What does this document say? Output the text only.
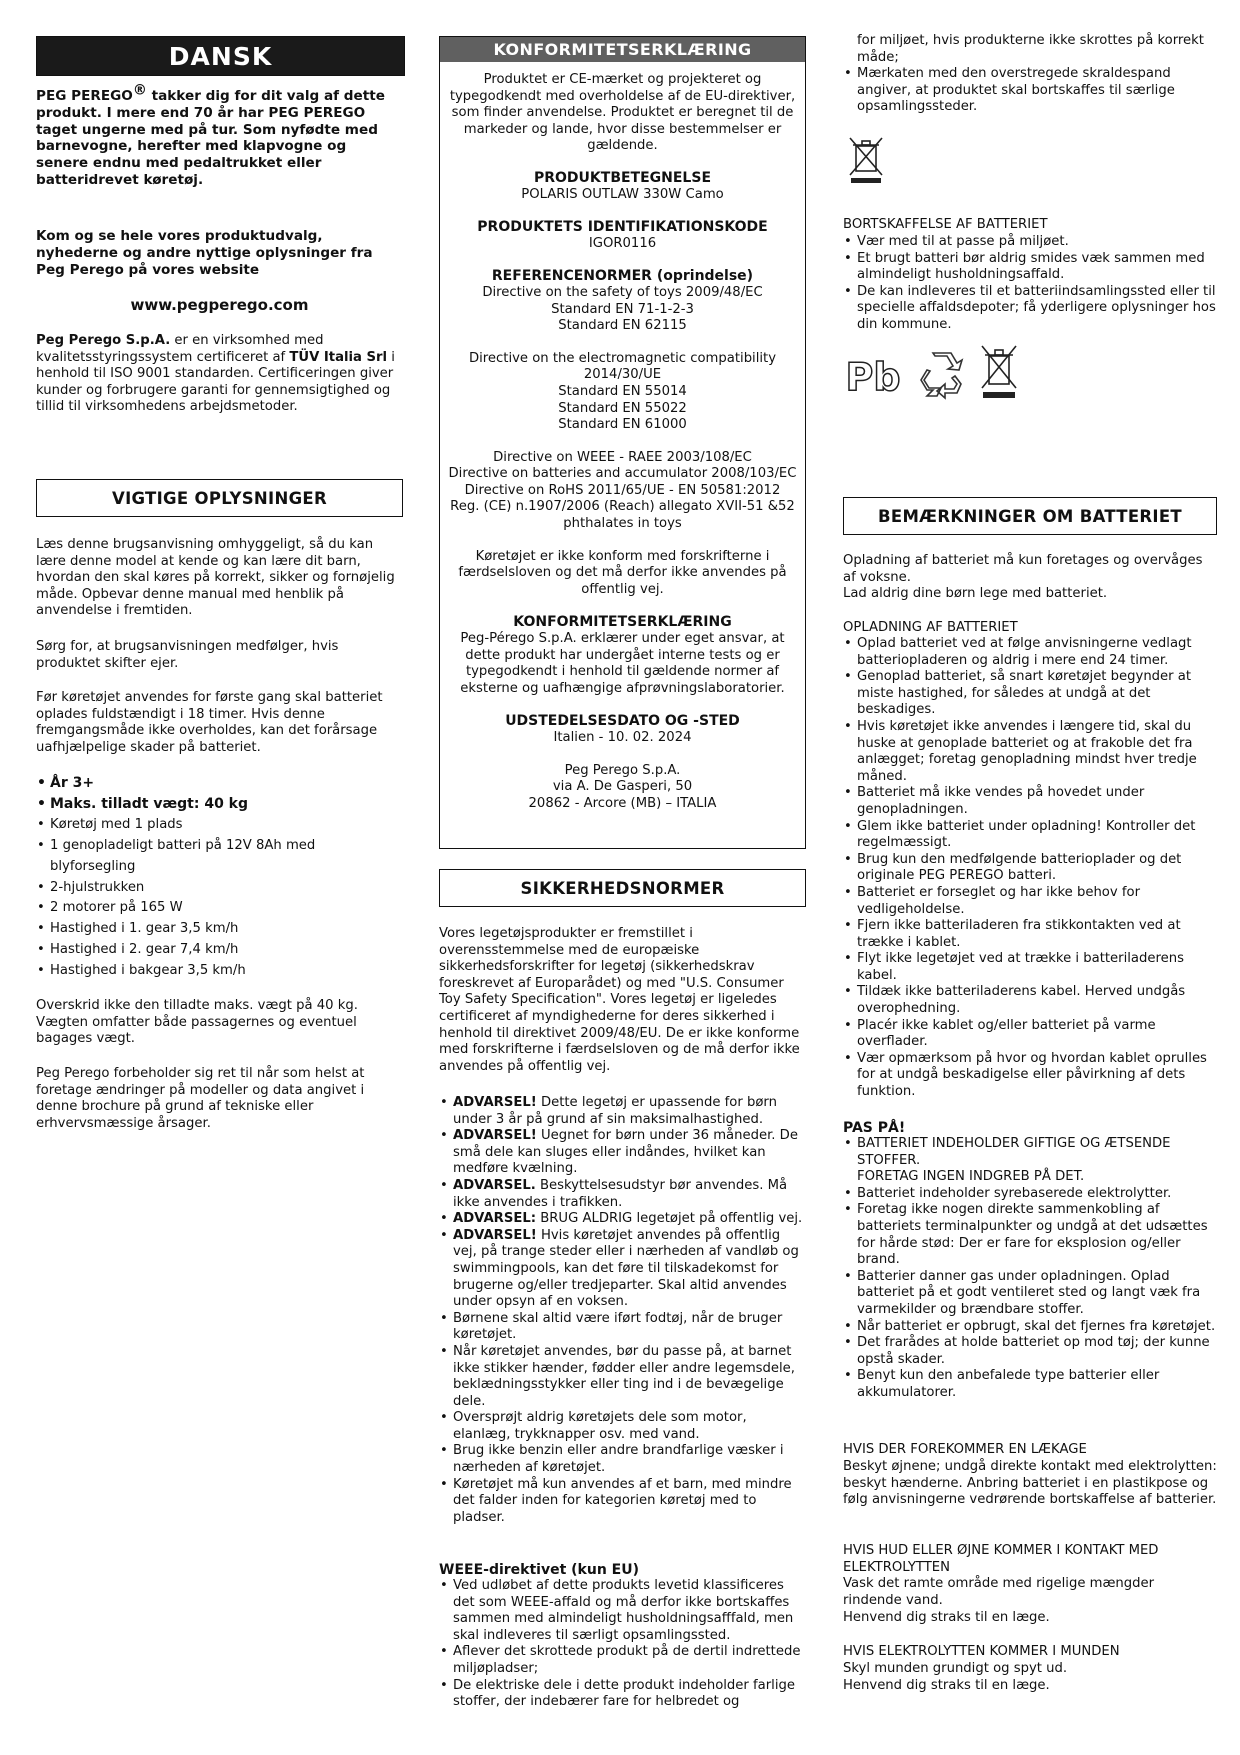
DANSK

PEG PEREGO® takker dig for dit valg af dette produkt. I mere end 70 år har PEG PEREGO taget ungerne med på tur. Som nyfødte med barnevogne, herefter med klapvogne og senere endnu med pedaltrukket eller batteridrevet køretøj.

Kom og se hele vores produktudvalg, nyhederne og andre nyttige oplysninger fra Peg Perego på vores website

www.pegperego.com

Peg Perego S.p.A. er en virksomhed med kvalitetsstyringssystem certificeret af TÜV Italia Srl i henhold til ISO 9001 standarden. Certificeringen giver kunder og forbrugere garanti for gennemsigtighed og tillid til virksomhedens arbejdsmetoder.

VIGTIGE OPLYSNINGER

Læs denne brugsanvisning omhyggeligt, så du kan lære denne model at kende og kan lære dit barn, hvordan den skal køres på korrekt, sikker og fornøjelig måde. Opbevar denne manual med henblik på anvendelse i fremtiden.

Sørg for, at brugsanvisningen medfølger, hvis produktet skifter ejer.

Før køretøjet anvendes for første gang skal batteriet oplades fuldstændigt i 18 timer. Hvis denne fremgangsmåde ikke overholdes, kan det forårsage uafhjælpelige skader på batteriet.

• År 3+
• Maks. tilladt vægt: 40 kg
• Køretøj med 1 plads
• 1 genopladeligt batteri på 12V 8Ah med blyforsegling
• 2-hjulstrukken
• 2 motorer på 165 W
• Hastighed i 1. gear 3,5 km/h
• Hastighed i 2. gear 7,4 km/h
• Hastighed i bakgear 3,5 km/h

Overskrid ikke den tilladte maks. vægt på 40 kg. Vægten omfatter både passagernes og eventuel bagages vægt.

Peg Perego forbeholder sig ret til når som helst at foretage ændringer på modeller og data angivet i denne brochure på grund af tekniske eller erhvervsmæssige årsager.

KONFORMITETSERKLÆRING

Produktet er CE-mærket og projekteret og typegodkendt med overholdelse af de EU-direktiver, som finder anvendelse. Produktet er beregnet til de markeder og lande, hvor disse bestemmelser er gældende.

PRODUKTBETEGNELSE

POLARIS OUTLAW 330W Camo

PRODUKTETS IDENTIFIKATIONSKODE

IGOR0116

REFERENCENORMER (oprindelse)

Directive on the safety of toys 2009/48/EC

Standard EN 71-1-2-3

Standard EN 62115

Directive on the electromagnetic compatibility

2014/30/UE

Standard EN 55014

Standard EN 55022

Standard EN 61000

Directive on WEEE - RAEE 2003/108/EC

Directive on batteries and accumulator 2008/103/EC

Directive on RoHS 2011/65/UE - EN 50581:2012

Reg. (CE) n.1907/2006 (Reach) allegato XVII-51 &52

phthalates in toys

Køretøjet er ikke konform med forskrifterne i færdselsloven og det må derfor ikke anvendes på offentlig vej.

KONFORMITETSERKLÆRING

Peg-Pérego S.p.A. erklærer under eget ansvar, at dette produkt har undergået interne tests og er typegodkendt i henhold til gældende normer af eksterne og uafhængige afprøvningslaboratorier.

UDSTEDELSESDATO OG -STED

Italien - 10. 02. 2024

Peg Perego S.p.A.

via A. De Gasperi, 50

20862 - Arcore (MB) – ITALIA

SIKKERHEDSNORMER

Vores legetøjsprodukter er fremstillet i overensstemmelse med de europæiske sikkerhedsforskrifter for legetøj (sikkerhedskrav foreskrevet af Europarådet) og med "U.S. Consumer Toy Safety Specification". Vores legetøj er ligeledes certificeret af myndighederne for deres sikkerhed i henhold til direktivet 2009/48/EU. De er ikke konforme med forskrifterne i færdselsloven og de må derfor ikke anvendes på offentlig vej.

• ADVARSEL! Dette legetøj er upassende for børn under 3 år på grund af sin maksimalhastighed.
• ADVARSEL! Uegnet for børn under 36 måneder. De små dele kan sluges eller indåndes, hvilket kan medføre kvælning.
• ADVARSEL. Beskyttelsesudstyr bør anvendes. Må ikke anvendes i trafikken.
• ADVARSEL: BRUG ALDRIG legetøjet på offentlig vej.
• ADVARSEL! Hvis køretøjet anvendes på offentlig vej, på trange steder eller i nærheden af vandløb og swimmingpools, kan det føre til tilskadekomst for brugerne og/eller tredjeparter. Skal altid anvendes under opsyn af en voksen.
• Børnene skal altid være iført fodtøj, når de bruger køretøjet.
• Når køretøjet anvendes, bør du passe på, at barnet ikke stikker hænder, fødder eller andre legemsdele, beklædningsstykker eller ting ind i de bevægelige dele.
• Oversprøjt aldrig køretøjets dele som motor, elanlæg, trykknapper osv. med vand.
• Brug ikke benzin eller andre brandfarlige væsker i nærheden af køretøjet.
• Køretøjet må kun anvendes af et barn, med mindre det falder inden for kategorien køretøj med to pladser.

WEEE-direktivet (kun EU)

• Ved udløbet af dette produkts levetid klassificeres det som WEEE-affald og må derfor ikke bortskaffes sammen med almindeligt husholdningsafffald, men skal indleveres til særligt opsamlingssted.
• Aflever det skrottede produkt på de dertil indrettede miljøpladser;
• De elektriske dele i dette produkt indeholder farlige stoffer, der indebærer fare for helbredet og

for miljøet, hvis produkterne ikke skrottes på korrekt måde;

• Mærkaten med den overstregede skraldespand angiver, at produktet skal bortskaffes til særlige opsamlingssteder.

BORTSKAFFELSE AF BATTERIET

• Vær med til at passe på miljøet.
• Et brugt batteri bør aldrig smides væk sammen med almindeligt husholdningsaffald.
• De kan indleveres til et batteriindsamlingssted eller til specielle affaldsdepoter; få yderligere oplysninger hos din kommune.
Pb
BEMÆRKNINGER OM BATTERIET

Opladning af batteriet må kun foretages og overvåges af voksne.

Lad aldrig dine børn lege med batteriet.

OPLADNING AF BATTERIET

• Oplad batteriet ved at følge anvisningerne vedlagt batteriopladeren og aldrig i mere end 24 timer.
• Genoplad batteriet, så snart køretøjet begynder at miste hastighed, for således at undgå at det beskadiges.
• Hvis køretøjet ikke anvendes i længere tid, skal du huske at genoplade batteriet og at frakoble det fra anlægget; foretag genopladning mindst hver tredje måned.
• Batteriet må ikke vendes på hovedet under genopladningen.
• Glem ikke batteriet under opladning! Kontroller det regelmæssigt.
• Brug kun den medfølgende batterioplader og det originale PEG PEREGO batteri.
• Batteriet er forseglet og har ikke behov for vedligeholdelse.
• Fjern ikke batteriladeren fra stikkontakten ved at trække i kablet.
• Flyt ikke legetøjet ved at trække i batteriladerens kabel.
• Tildæk ikke batteriladerens kabel. Herved undgås overophedning.
• Placér ikke kablet og/eller batteriet på varme overflader.
• Vær opmærksom på hvor og hvordan kablet oprulles for at undgå beskadigelse eller påvirkning af dets funktion.

PAS PÅ!

• BATTERIET INDEHOLDER GIFTIGE OG ÆTSENDE STOFFER.
FORETAG INGEN INDGREB PÅ DET.
• Batteriet indeholder syrebaserede elektrolytter.
• Foretag ikke nogen direkte sammenkobling af batteriets terminalpunkter og undgå at det udsættes for hårde stød: Der er fare for eksplosion og/eller brand.
• Batterier danner gas under opladningen. Oplad batteriet på et godt ventileret sted og langt væk fra varmekilder og brændbare stoffer.
• Når batteriet er opbrugt, skal det fjernes fra køretøjet.
• Det frarådes at holde batteriet op mod tøj; der kunne opstå skader.
• Benyt kun den anbefalede type batterier eller akkumulatorer.

HVIS DER FOREKOMMER EN LÆKAGE

Beskyt øjnene; undgå direkte kontakt med elektrolytten: beskyt hænderne. Anbring batteriet i en plastikpose og følg anvisningerne vedrørende bortskaffelse af batterier.

HVIS HUD ELLER ØJNE KOMMER I KONTAKT MED ELEKTROLYTTEN

Vask det ramte område med rigelige mængder rindende vand.

Henvend dig straks til en læge.

HVIS ELEKTROLYTTEN KOMMER I MUNDEN

Skyl munden grundigt og spyt ud.

Henvend dig straks til en læge.
